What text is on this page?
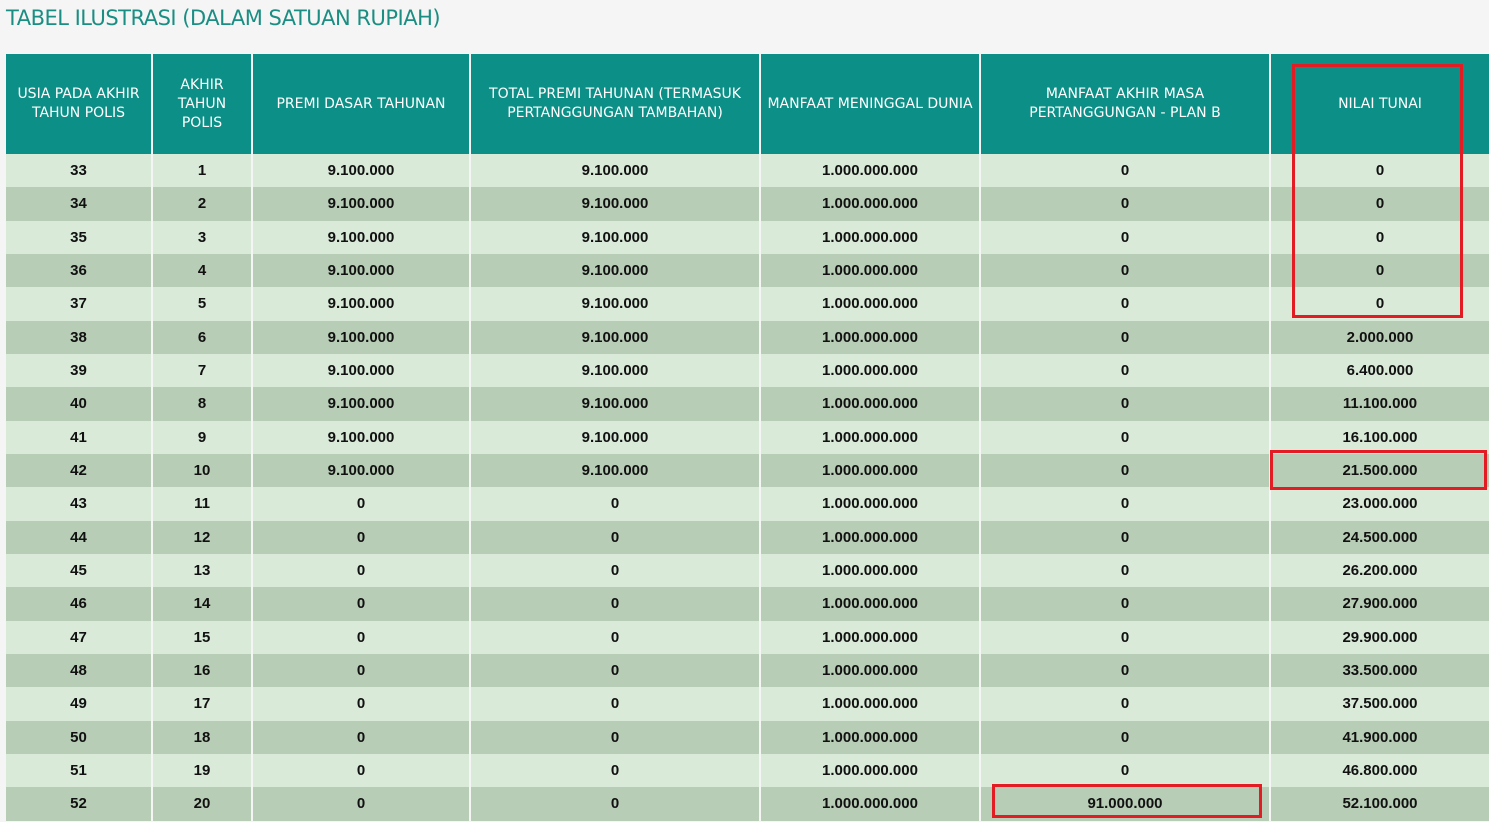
TABEL ILUSTRASI (DALAM SATUAN RUPIAH)
USIA PADA AKHIR TAHUN POLIS	AKHIR TAHUN POLIS	PREMI DASAR TAHUNAN	TOTAL PREMI TAHUNAN (TERMASUK PERTANGGUNGAN TAMBAHAN)	MANFAAT MENINGGAL DUNIA	MANFAAT AKHIR MASA PERTANGGUNGAN - PLAN B	NILAI TUNAI
33	1	9.100.000	9.100.000	1.000.000.000	0	0
34	2	9.100.000	9.100.000	1.000.000.000	0	0
35	3	9.100.000	9.100.000	1.000.000.000	0	0
36	4	9.100.000	9.100.000	1.000.000.000	0	0
37	5	9.100.000	9.100.000	1.000.000.000	0	0
38	6	9.100.000	9.100.000	1.000.000.000	0	2.000.000
39	7	9.100.000	9.100.000	1.000.000.000	0	6.400.000
40	8	9.100.000	9.100.000	1.000.000.000	0	11.100.000
41	9	9.100.000	9.100.000	1.000.000.000	0	16.100.000
42	10	9.100.000	9.100.000	1.000.000.000	0	21.500.000
43	11	0	0	1.000.000.000	0	23.000.000
44	12	0	0	1.000.000.000	0	24.500.000
45	13	0	0	1.000.000.000	0	26.200.000
46	14	0	0	1.000.000.000	0	27.900.000
47	15	0	0	1.000.000.000	0	29.900.000
48	16	0	0	1.000.000.000	0	33.500.000
49	17	0	0	1.000.000.000	0	37.500.000
50	18	0	0	1.000.000.000	0	41.900.000
51	19	0	0	1.000.000.000	0	46.800.000
52	20	0	0	1.000.000.000	91.000.000	52.100.000
